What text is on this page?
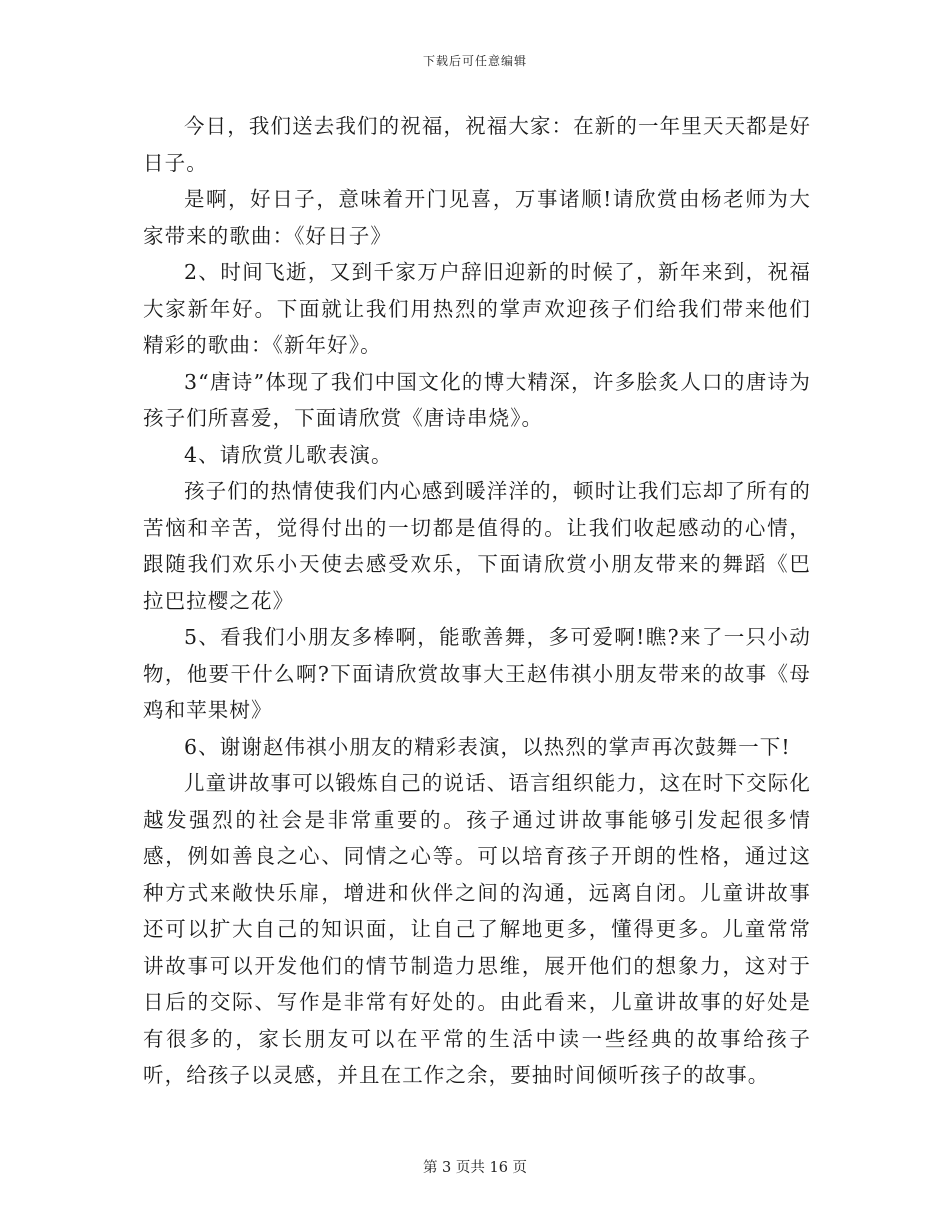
下载后可任意编辑

今日，我们送去我们的祝福，祝福大家：在新的一年里天天都是好日子。

是啊，好日子，意味着开门见喜，万事诸顺!请欣赏由杨老师为大家带来的歌曲：《好日子》

2、时间飞逝，又到千家万户辞旧迎新的时候了，新年来到，祝福大家新年好。下面就让我们用热烈的掌声欢迎孩子们给我们带来他们精彩的歌曲：《新年好》。

3“唐诗”体现了我们中国文化的博大精深，许多脍炙人口的唐诗为孩子们所喜爱，下面请欣赏《唐诗串烧》。

4、请欣赏儿歌表演。

孩子们的热情使我们内心感到暖洋洋的，顿时让我们忘却了所有的苦恼和辛苦，觉得付出的一切都是值得的。让我们收起感动的心情，跟随我们欢乐小天使去感受欢乐，下面请欣赏小朋友带来的舞蹈《巴拉巴拉樱之花》

5、看我们小朋友多棒啊，能歌善舞，多可爱啊!瞧?来了一只小动物，他要干什么啊?下面请欣赏故事大王赵伟祺小朋友带来的故事《母鸡和苹果树》

6、谢谢赵伟祺小朋友的精彩表演，以热烈的掌声再次鼓舞一下!

儿童讲故事可以锻炼自己的说话、语言组织能力，这在时下交际化越发强烈的社会是非常重要的。孩子通过讲故事能够引发起很多情感，例如善良之心、同情之心等。可以培育孩子开朗的性格，通过这种方式来敞快乐扉，增进和伙伴之间的沟通，远离自闭。儿童讲故事还可以扩大自己的知识面，让自己了解地更多，懂得更多。儿童常常讲故事可以开发他们的情节制造力思维，展开他们的想象力，这对于日后的交际、写作是非常有好处的。由此看来，儿童讲故事的好处是有很多的，家长朋友可以在平常的生活中读一些经典的故事给孩子听，给孩子以灵感，并且在工作之余，要抽时间倾听孩子的故事。

第 3 页共 16 页
